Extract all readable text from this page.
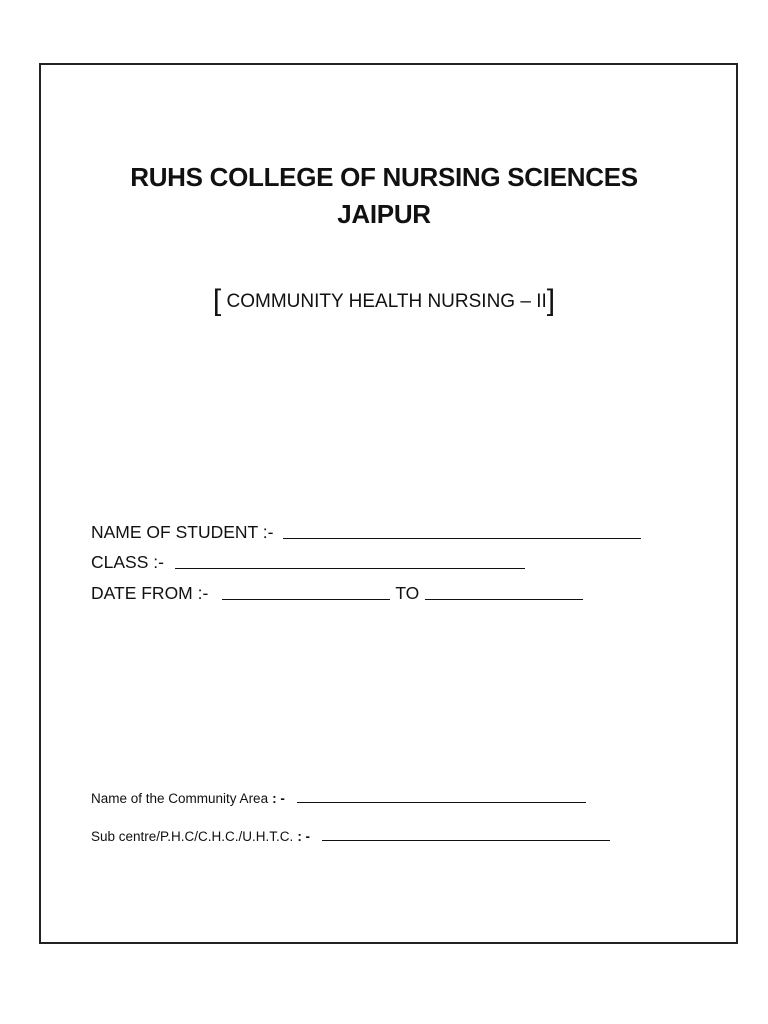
RUHS COLLEGE OF NURSING SCIENCES
JAIPUR
[ COMMUNITY HEALTH NURSING – II]
NAME OF STUDENT :-
CLASS :-
DATE FROM :-	TO
Name of the Community Area : -
Sub centre/P.H.C/C.H.C./U.H.T.C. : -
